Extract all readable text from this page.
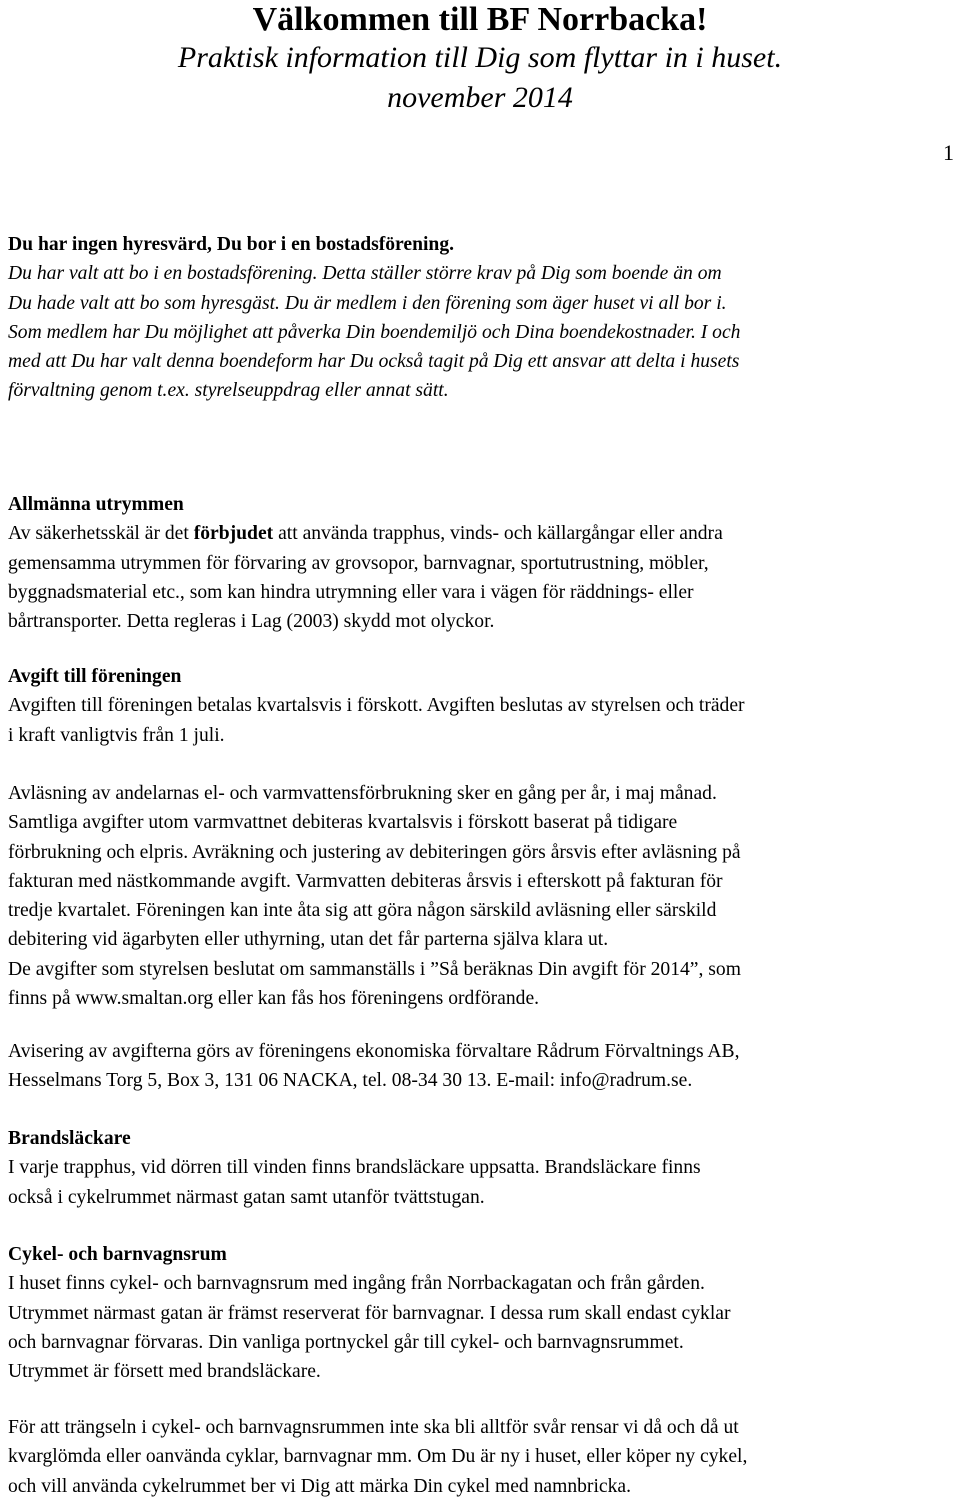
Välkommen till BF Norrbacka!

Praktisk information till Dig som flyttar in i huset.

november 2014

1

Du har ingen hyresvärd, Du bor i en bostadsförening.

Du har valt att bo i en bostadsförening. Detta ställer större krav på Dig som boende än om

Du hade valt att bo som hyresgäst. Du är medlem i den förening som äger huset vi all bor i.

Som medlem har Du möjlighet att påverka Din boendemiljö och Dina boendekostnader. I och

med att Du har valt denna boendeform har Du också tagit på Dig ett ansvar att delta i husets

förvaltning genom t.ex. styrelseuppdrag eller annat sätt.

Allmänna utrymmen

Av säkerhetsskäl är det förbjudet att använda trapphus, vinds- och källargångar eller andra

gemensamma utrymmen för förvaring av grovsopor, barnvagnar, sportutrustning, möbler,

byggnadsmaterial etc., som kan hindra utrymning eller vara i vägen för räddnings- eller

bårtransporter. Detta regleras i Lag (2003) skydd mot olyckor.

Avgift till föreningen

Avgiften till föreningen betalas kvartalsvis i förskott. Avgiften beslutas av styrelsen och träder

i kraft vanligtvis från 1 juli.

Avläsning av andelarnas el- och varmvattensförbrukning sker en gång per år, i maj månad.

Samtliga avgifter utom varmvattnet debiteras kvartalsvis i förskott baserat på tidigare

förbrukning och elpris. Avräkning och justering av debiteringen görs årsvis efter avläsning på

fakturan med nästkommande avgift. Varmvatten debiteras årsvis i efterskott på fakturan för

tredje kvartalet. Föreningen kan inte åta sig att göra någon särskild avläsning eller särskild

debitering vid ägarbyten eller uthyrning, utan det får parterna själva klara ut.

De avgifter som styrelsen beslutat om sammanställs i ”Så beräknas Din avgift för 2014”, som

finns på www.smaltan.org eller kan fås hos föreningens ordförande.

Avisering av avgifterna görs av föreningens ekonomiska förvaltare Rådrum Förvaltnings AB,

Hesselmans Torg 5, Box 3, 131 06 NACKA, tel. 08-34 30 13. E-mail: info@radrum.se.

Brandsläckare

I varje trapphus, vid dörren till vinden finns brandsläckare uppsatta. Brandsläckare finns

också i cykelrummet närmast gatan samt utanför tvättstugan.

Cykel- och barnvagnsrum

I huset finns cykel- och barnvagnsrum med ingång från Norrbackagatan och från gården.

Utrymmet närmast gatan är främst reserverat för barnvagnar. I dessa rum skall endast cyklar

och barnvagnar förvaras. Din vanliga portnyckel går till cykel- och barnvagnsrummet.

Utrymmet är försett med brandsläckare.

För att trängseln i cykel- och barnvagnsrummen inte ska bli alltför svår rensar vi då och då ut

kvarglömda eller oanvända cyklar, barnvagnar mm. Om Du är ny i huset, eller köper ny cykel,

och vill använda cykelrummet ber vi Dig att märka Din cykel med namnbricka.
